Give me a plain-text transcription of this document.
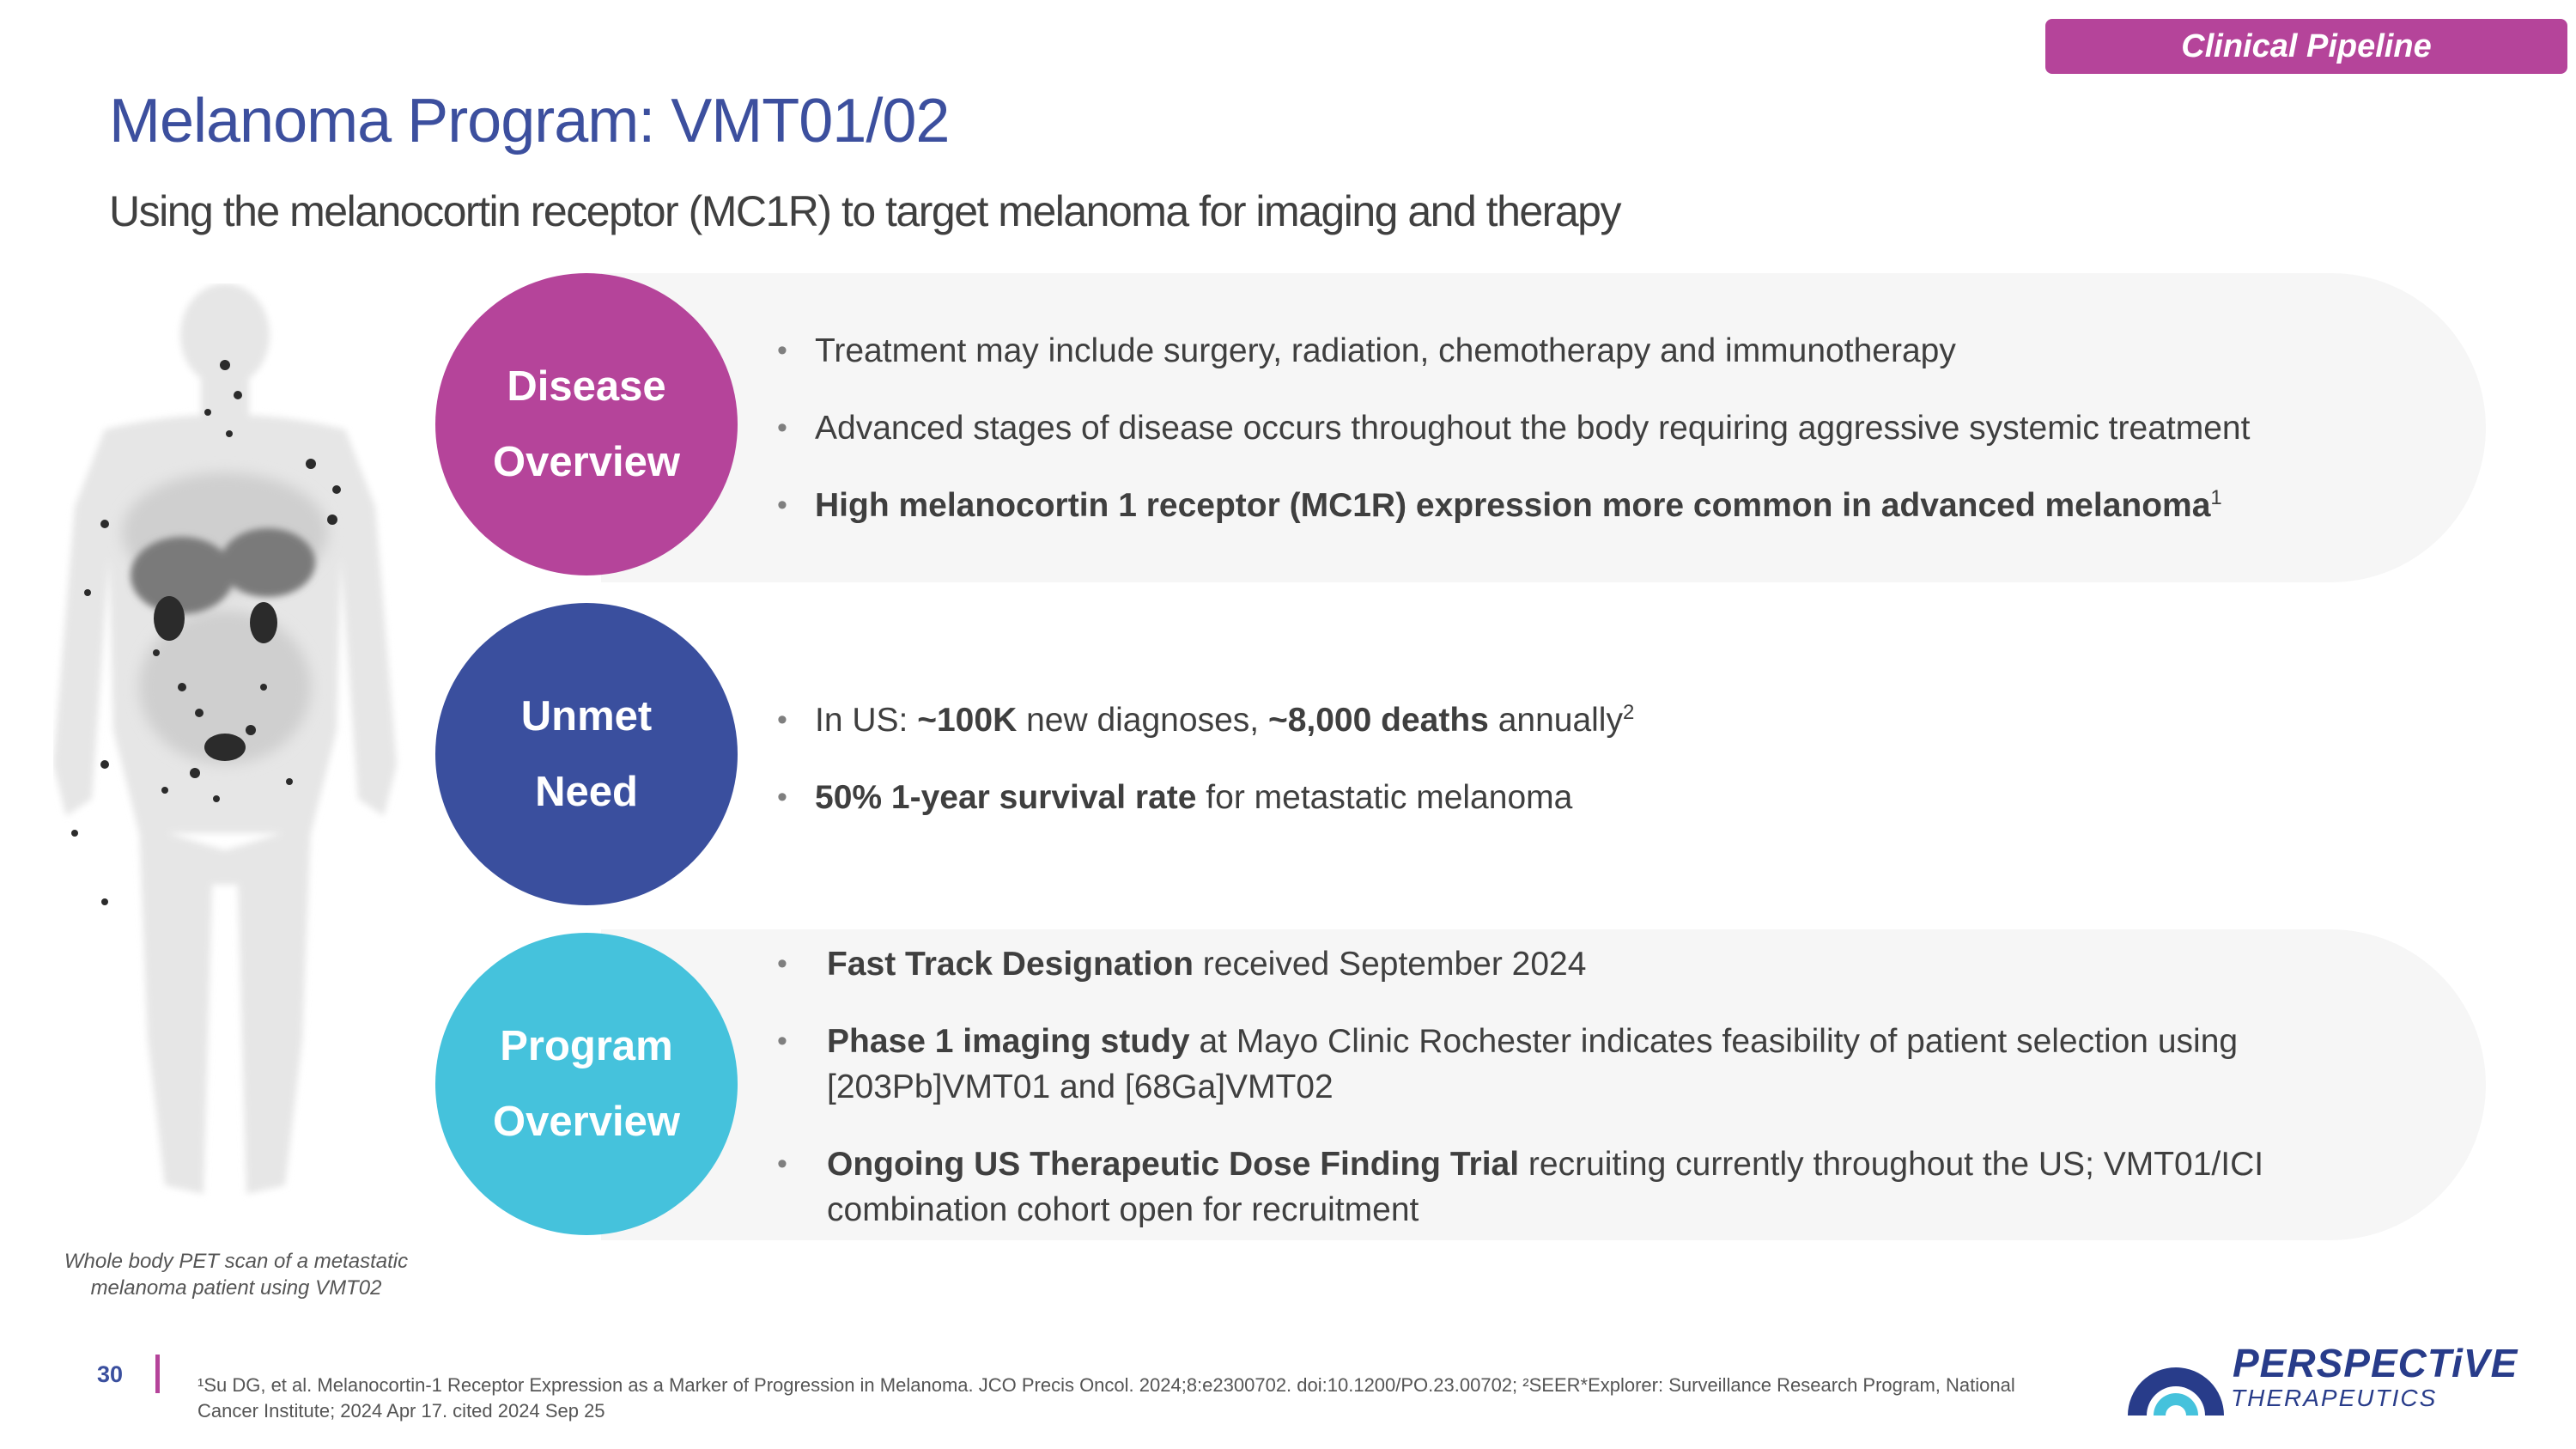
Clinical Pipeline
Melanoma Program: VMT01/02
Using the melanocortin receptor (MC1R) to target melanoma for imaging and therapy
Whole body PET scan of a metastatic
melanoma patient using VMT02
Disease
Overview
• Treatment may include surgery, radiation, chemotherapy and immunotherapy
• Advanced stages of disease occurs throughout the body requiring aggressive systemic treatment
• High melanocortin 1 receptor (MC1R) expression more common in advanced melanoma$^1$
Unmet
Need
• In US: ~100K new diagnoses, ~8,000 deaths annually$^2$
• 50% 1-year survival rate for metastatic melanoma
Program
Overview
• Fast Track Designation received September 2024
• Phase 1 imaging study at Mayo Clinic Rochester indicates feasibility of patient selection using [203Pb]VMT01 and [68Ga]VMT02
• Ongoing US Therapeutic Dose Finding Trial recruiting currently throughout the US; VMT01/ICI combination cohort open for recruitment
30	¹Su DG, et al. Melanocortin-1 Receptor Expression as a Marker of Progression in Melanoma. JCO Precis Oncol. 2024;8:e2300702. doi:10.1200/PO.23.00702; ²SEER*Explorer: Surveillance Research Program, National Cancer Institute; 2024 Apr 17. cited 2024 Sep 25
PERSPECTiVE
THERAPEUTICS
